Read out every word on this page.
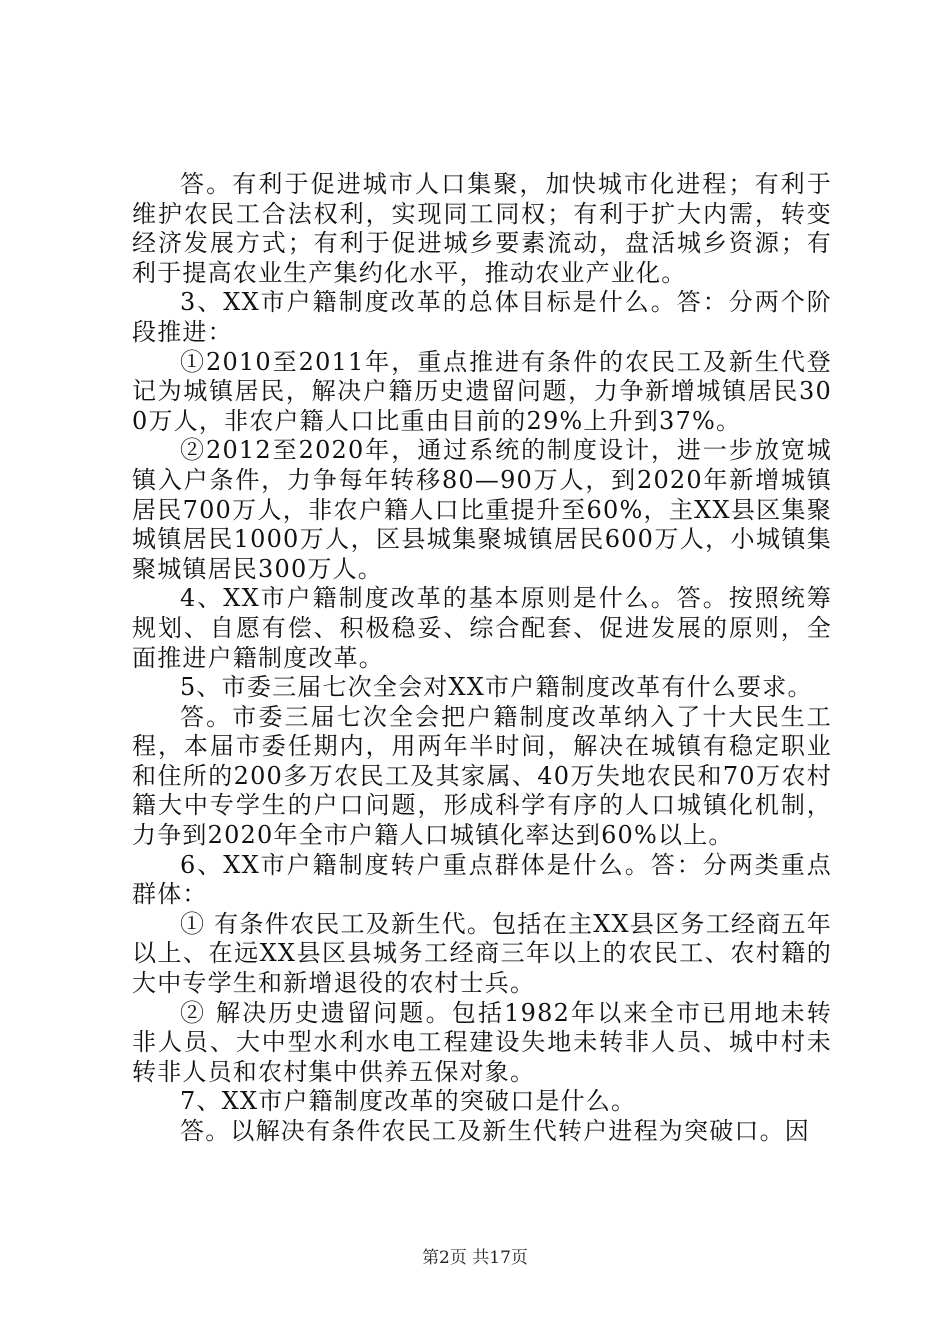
答。有利于促进城市人口集聚，加快城市化进程；有利于维护农民工合法权利，实现同工同权；有利于扩大内需，转变经济发展方式；有利于促进城乡要素流动，盘活城乡资源；有利于提高农业生产集约化水平，推动农业产业化。

3、XX市户籍制度改革的总体目标是什么。答：分两个阶段推进：

①2010至2011年，重点推进有条件的农民工及新生代登记为城镇居民，解决户籍历史遗留问题，力争新增城镇居民300万人，非农户籍人口比重由目前的29%上升到37%。

②2012至2020年，通过系统的制度设计，进一步放宽城镇入户条件，力争每年转移80—90万人，到2020年新增城镇居民700万人，非农户籍人口比重提升至60%，主XX县区集聚城镇居民1000万人，区县城集聚城镇居民600万人，小城镇集聚城镇居民300万人。

4、XX市户籍制度改革的基本原则是什么。答。按照统筹规划、自愿有偿、积极稳妥、综合配套、促进发展的原则，全面推进户籍制度改革。

5、市委三届七次全会对XX市户籍制度改革有什么要求。

答。市委三届七次全会把户籍制度改革纳入了十大民生工程，本届市委任期内，用两年半时间，解决在城镇有稳定职业和住所的200多万农民工及其家属、40万失地农民和70万农村籍大中专学生的户口问题，形成科学有序的人口城镇化机制，力争到2020年全市户籍人口城镇化率达到60%以上。

6、XX市户籍制度转户重点群体是什么。答：分两类重点群体：

① 有条件农民工及新生代。包括在主XX县区务工经商五年以上、在远XX县区县城务工经商三年以上的农民工、农村籍的大中专学生和新增退役的农村士兵。

② 解决历史遗留问题。包括1982年以来全市已用地未转非人员、大中型水利水电工程建设失地未转非人员、城中村未转非人员和农村集中供养五保对象。

7、XX市户籍制度改革的突破口是什么。

答。以解决有条件农民工及新生代转户进程为突破口。因

第2页 共17页
